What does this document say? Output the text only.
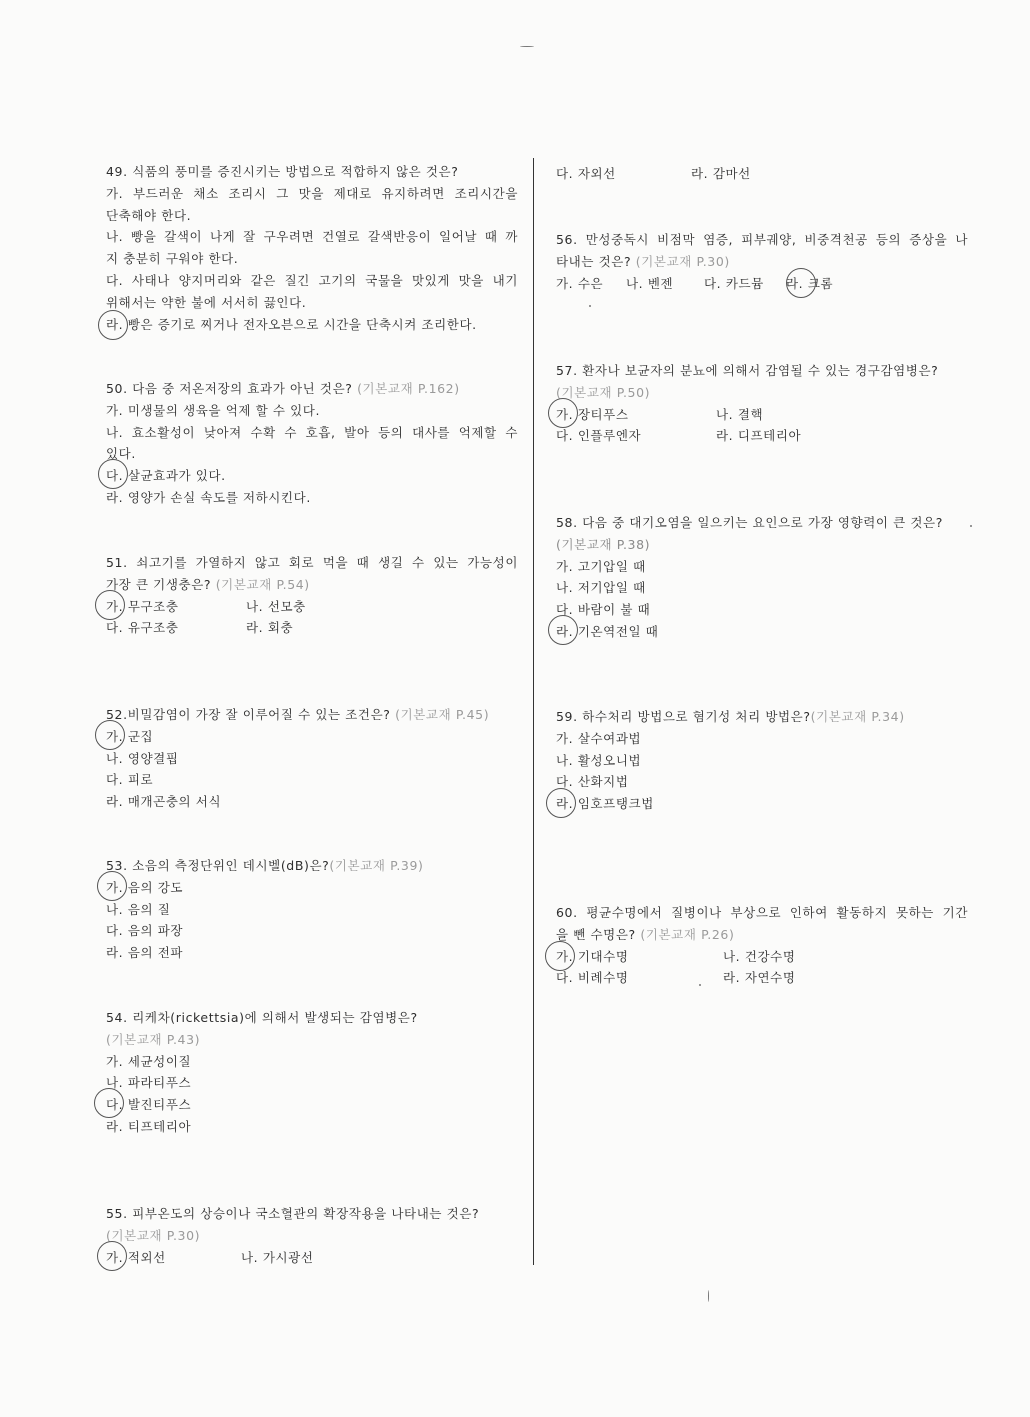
49. 식품의 풍미를 증진시키는 방법으로 적합하지 않은 것은?
가. 부드러운 채소 조리시 그 맛을 제대로 유지하려면 조리시간을
단축해야 한다.
나. 빵을 갈색이 나게 잘 구우려면 건열로 갈색반응이 일어날 때 까
지 충분히 구워야 한다.
다. 사태나 양지머리와 같은 질긴 고기의 국물을 맛있게 맛을 내기
위해서는 약한 불에 서서히 끓인다.
라. 빵은 증기로 찌거나 전자오븐으로 시간을 단축시켜 조리한다.
50. 다음 중 저온저장의 효과가 아닌 것은? (기본교재 P.162)
가. 미생물의 생육을 억제 할 수 있다.
나. 효소활성이 낮아져 수확 수 호흡, 발아 등의 대사를 억제할 수
있다.
다. 살균효과가 있다.
라. 영양가 손실 속도를 저하시킨다.
51. 쇠고기를 가열하지 않고 회로 먹을 때 생길 수 있는 가능성이
가장 큰 기생충은? (기본교재 P.54)
가. 무구조충	나. 선모충
다. 유구조충	라. 회충
52.비밀감염이 가장 잘 이루어질 수 있는 조건은? (기본교재 P.45)
가. 군집
나. 영양결핍
다. 피로
라. 매개곤충의 서식
53. 소음의 측정단위인 데시벨(dB)은?(기본교재 P.39)
가. 음의 강도
나. 음의 질
다. 음의 파장
라. 음의 전파
54. 리케차(rickettsia)에 의해서 발생되는 감염병은?
(기본교재 P.43)
가. 세균성이질
나. 파라티푸스
다. 발진티푸스
라. 티프테리아
55. 피부온도의 상승이나 국소혈관의 확장작용을 나타내는 것은?
(기본교재 P.30)
가. 적외선	나. 가시광선
다. 자외선	라. 감마선
56. 만성중독시 비점막 염증, 피부궤양, 비중격천공 등의 증상을 나
타내는 것은? (기본교재 P.30)
가. 수은	나. 벤젠	다. 카드뮴	라. 크롬
57. 환자나 보균자의 분뇨에 의해서 감염될 수 있는 경구감염병은?
(기본교재 P.50)
가. 장티푸스	나. 결핵
다. 인플루엔자	라. 디프테리아
58. 다음 중 대기오염을 일으키는 요인으로 가장 영향력이 큰 것은?
(기본교재 P.38)
가. 고기압일 때
나. 저기압일 때
다. 바람이 불 때
라. 기온역전일 때
59. 하수처리 방법으로 혐기성 처리 방법은?(기본교재 P.34)
가. 살수여과법
나. 활성오니법
다. 산화지법
라. 임호프탱크법
60. 평균수명에서 질병이나 부상으로 인하여 활동하지 못하는 기간
을 뺀 수명은? (기본교재 P.26)
가. 기대수명	나. 건강수명
다. 비례수명	라. 자연수명
